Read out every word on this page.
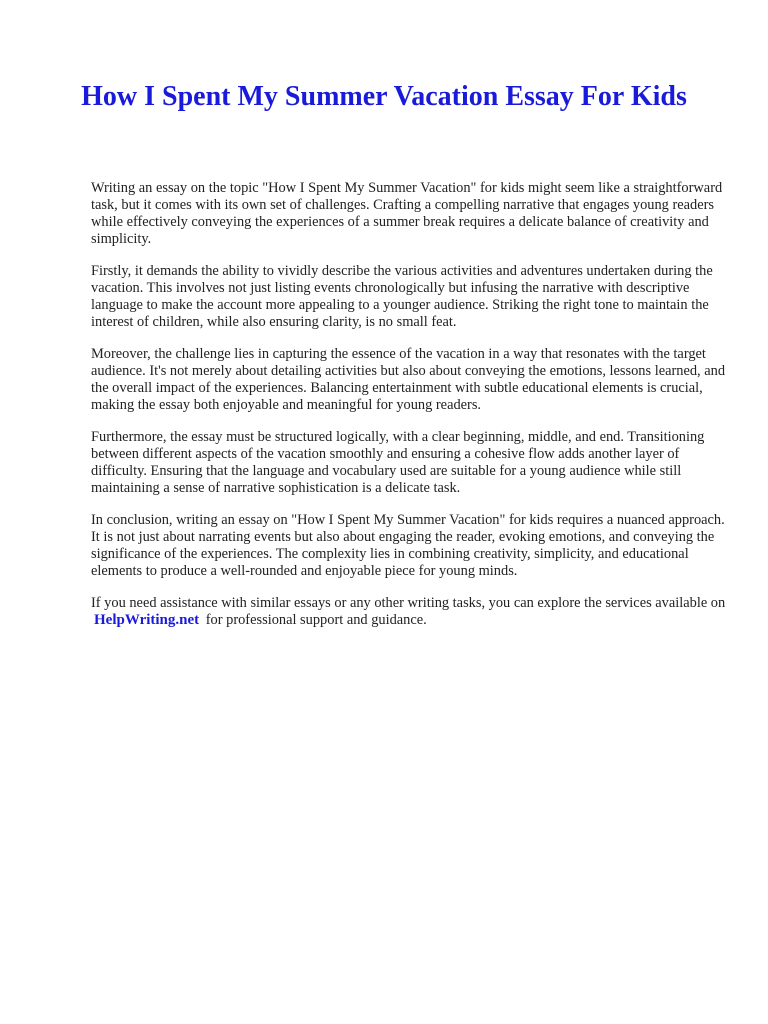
How I Spent My Summer Vacation Essay For Kids

Writing an essay on the topic "How I Spent My Summer Vacation" for kids might seem like a straightforward task, but it comes with its own set of challenges. Crafting a compelling narrative that engages young readers while effectively conveying the experiences of a summer break requires a delicate balance of creativity and simplicity.

Firstly, it demands the ability to vividly describe the various activities and adventures undertaken during the vacation. This involves not just listing events chronologically but infusing the narrative with descriptive language to make the account more appealing to a younger audience. Striking the right tone to maintain the interest of children, while also ensuring clarity, is no small feat.

Moreover, the challenge lies in capturing the essence of the vacation in a way that resonates with the target audience. It's not merely about detailing activities but also about conveying the emotions, lessons learned, and the overall impact of the experiences. Balancing entertainment with subtle educational elements is crucial, making the essay both enjoyable and meaningful for young readers.

Furthermore, the essay must be structured logically, with a clear beginning, middle, and end. Transitioning between different aspects of the vacation smoothly and ensuring a cohesive flow adds another layer of difficulty. Ensuring that the language and vocabulary used are suitable for a young audience while still maintaining a sense of narrative sophistication is a delicate task.

In conclusion, writing an essay on "How I Spent My Summer Vacation" for kids requires a nuanced approach. It is not just about narrating events but also about engaging the reader, evoking emotions, and conveying the significance of the experiences. The complexity lies in combining creativity, simplicity, and educational elements to produce a well-rounded and enjoyable piece for young minds.

If you need assistance with similar essays or any other writing tasks, you can explore the services available on HelpWriting.net for professional support and guidance.
